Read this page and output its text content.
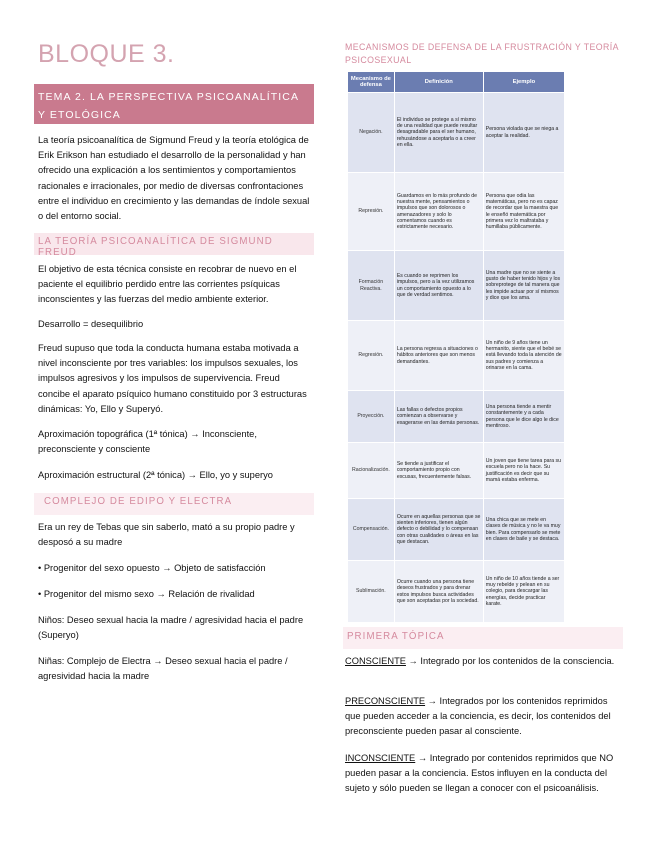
BLOQUE 3.

TEMA 2. LA PERSPECTIVA PSICOANALÍTICA Y ETOLÓGICA

La teoría psicoanalítica de Sigmund Freud y la teoría etológica de Erik Erikson han estudiado el desarrollo de la personalidad y han ofrecido una explicación a los sentimientos y comportamientos racionales e irracionales, por medio de diversas confrontaciones entre el individuo en crecimiento y las demandas de índole sexual o del entorno social.

LA TEORÍA PSICOANALÍTICA DE SIGMUND FREUD

El objetivo de esta técnica consiste en recobrar de nuevo en el paciente el equilibrio perdido entre las corrientes psíquicas inconscientes y las fuerzas del medio ambiente exterior.

Desarrollo = desequilibrio

Freud supuso que toda la conducta humana estaba motivada a nivel inconsciente por tres variables: los impulsos sexuales, los impulsos agresivos y los impulsos de supervivencia. Freud concibe el aparato psíquico humano constituido por 3 estructuras dinámicas: Yo, Ello y Superyó.

Aproximación topográfica (1ª tónica) → Inconsciente, preconsciente y consciente

Aproximación estructural (2ª tónica) → Ello, yo y superyo

COMPLEJO DE EDIPO Y ELECTRA

Era un rey de Tebas que sin saberlo, mató a su propio padre y desposó a su madre

• Progenitor del sexo opuesto → Objeto de satisfacción

• Progenitor del mismo sexo → Relación de rivalidad

Niños: Deseo sexual hacia la madre / agresividad hacia el padre (Superyo)

Niñas: Complejo de Electra → Deseo sexual hacia el padre / agresividad hacia la madre

MECANISMOS DE DEFENSA DE LA FRUSTRACIÓN Y TEORÍA PSICOSEXUAL

Mecanismo de defensa	Definición	Ejemplo
Negación.	El individuo se protege a sí mismo de una realidad que puede resultar desagradable para el ser humano, rehusándose a aceptarla o a creer en ella.	Persona violada que se niega a aceptar la realidad.
Represión.	Guardamos en lo más profundo de nuestra mente, pensamientos o impulsos que son dolorosos o amenazadores y solo lo comentamos cuando es estrictamente necesario.	Persona que odia las matemáticas, pero no es capaz de recordar que la maestra que le enseñó matemática por primera vez lo maltrataba y humillaba públicamente.
Formación Reactiva.	Es cuando se reprimen los impulsos, pero a la vez utilizamos un comportamiento opuesto a lo que de verdad sentimos.	Una madre que no se siente a gusto de haber tenido hijos y los sobreprotege de tal manera que les impide actuar por sí mismos y dice que los ama.
Regresión.	La persona regresa a situaciones o hábitos anteriores que son menos demandantes.	Un niño de 9 años tiene un hermanito, siente que el bebé se está llevando toda la atención de sus padres y comienza a orinarse en la cama.
Proyección.	Las fallas o defectos propios comienzan a observarse y exagerarse en las demás personas.	Una persona tiende a mentir constantemente y a cada persona que le dice algo le dice mentiroso.
Racionalización.	Se tiende a justificar el comportamiento propio con excusas, frecuentemente falsas.	Un joven que tiene tarea para su escuela pero no la hace. Su justificación es decir que su mamá estaba enferma.
Compensación.	Ocurre en aquellas personas que se sienten inferiores, tienen algún defecto o debilidad y lo compensan con otras cualidades o áreas en las que destacan.	Una chica que se mete en clases de música y no le va muy bien. Para compensarlo se mete en clases de baile y se destaca.
Sublimación.	Ocurre cuando una persona tiene deseos frustrados y para drenar estos impulsos busca actividades que son aceptadas por la sociedad.	Un niño de 10 años tiende a ser muy rebelde y pelean en su colegio, para descargar las energías, decide practicar karate.
PRIMERA TÓPICA

CONSCIENTE → Integrado por los contenidos de la consciencia.

PRECONSCIENTE → Integrados por los contenidos reprimidos que pueden acceder a la conciencia, es decir, los contenidos del preconsciente pueden pasar al consciente.

INCONSCIENTE → Integrado por contenidos reprimidos que NO pueden pasar a la conciencia. Estos influyen en la conducta del sujeto y sólo pueden se llegan a conocer con el psicoanálisis.
